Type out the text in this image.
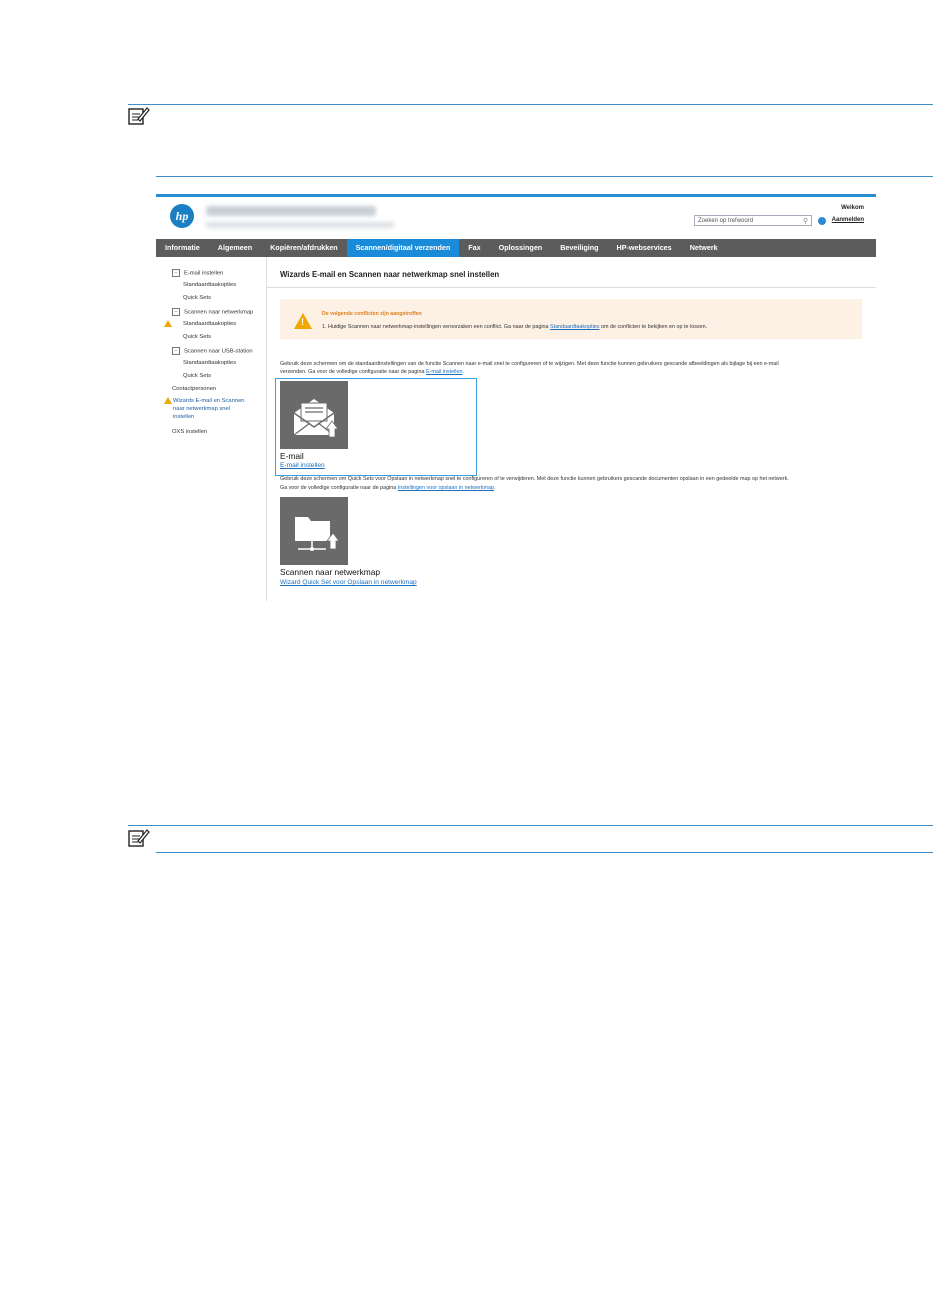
hp	Zoeken op trefwoord	⚲
Welkom
Aanmelden
Informatie	Algemeen	Kopiëren/afdrukken	Scannen/digitaal verzenden	Fax	Oplossingen	Beveiliging	HP-webservices	Netwerk
− E-mail instellen
Standaardtaakopties
Quick Sets
− Scannen naar netwerkmap
Standaardtaakopties
Quick Sets
− Scannen naar USB-station
Standaardtaakopties
Quick Sets
Contactpersonen
Wizards E-mail en Scannen
naar netwerkmap snel
instellen
OXS instellen
Wizards E-mail en Scannen naar netwerkmap snel instellen
!
De volgende conflicten zijn aangetroffen
1. Huidige Scannen naar netwerkmap-instellingen veroorzaken een conflict. Ga naar de pagina Standaardtaakopties om de conflicten te bekijken en op te lossen.
Gebruik deze schermen om de standaardinstellingen van de functie Scannen naar e-mail snel te configureren of te wijzigen. Met deze functie kunnen gebruikers gescande afbeeldingen als bijlage bij een e-mail
verzenden. Ga voor de volledige configuratie naar de pagina E-mail instellen.
E-mail
E-mail instellen
Gebruik deze schermen om Quick Sets voor Opslaan in netwerkmap snel te configureren of te verwijderen. Met deze functie kunnen gebruikers gescande documenten opslaan in een gedeelde map op het netwerk.
Ga voor de volledige configuratie naar de pagina Instellingen voor opslaan in netwerkmap.
Scannen naar netwerkmap
Wizard Quick Set voor Opslaan in netwerkmap
